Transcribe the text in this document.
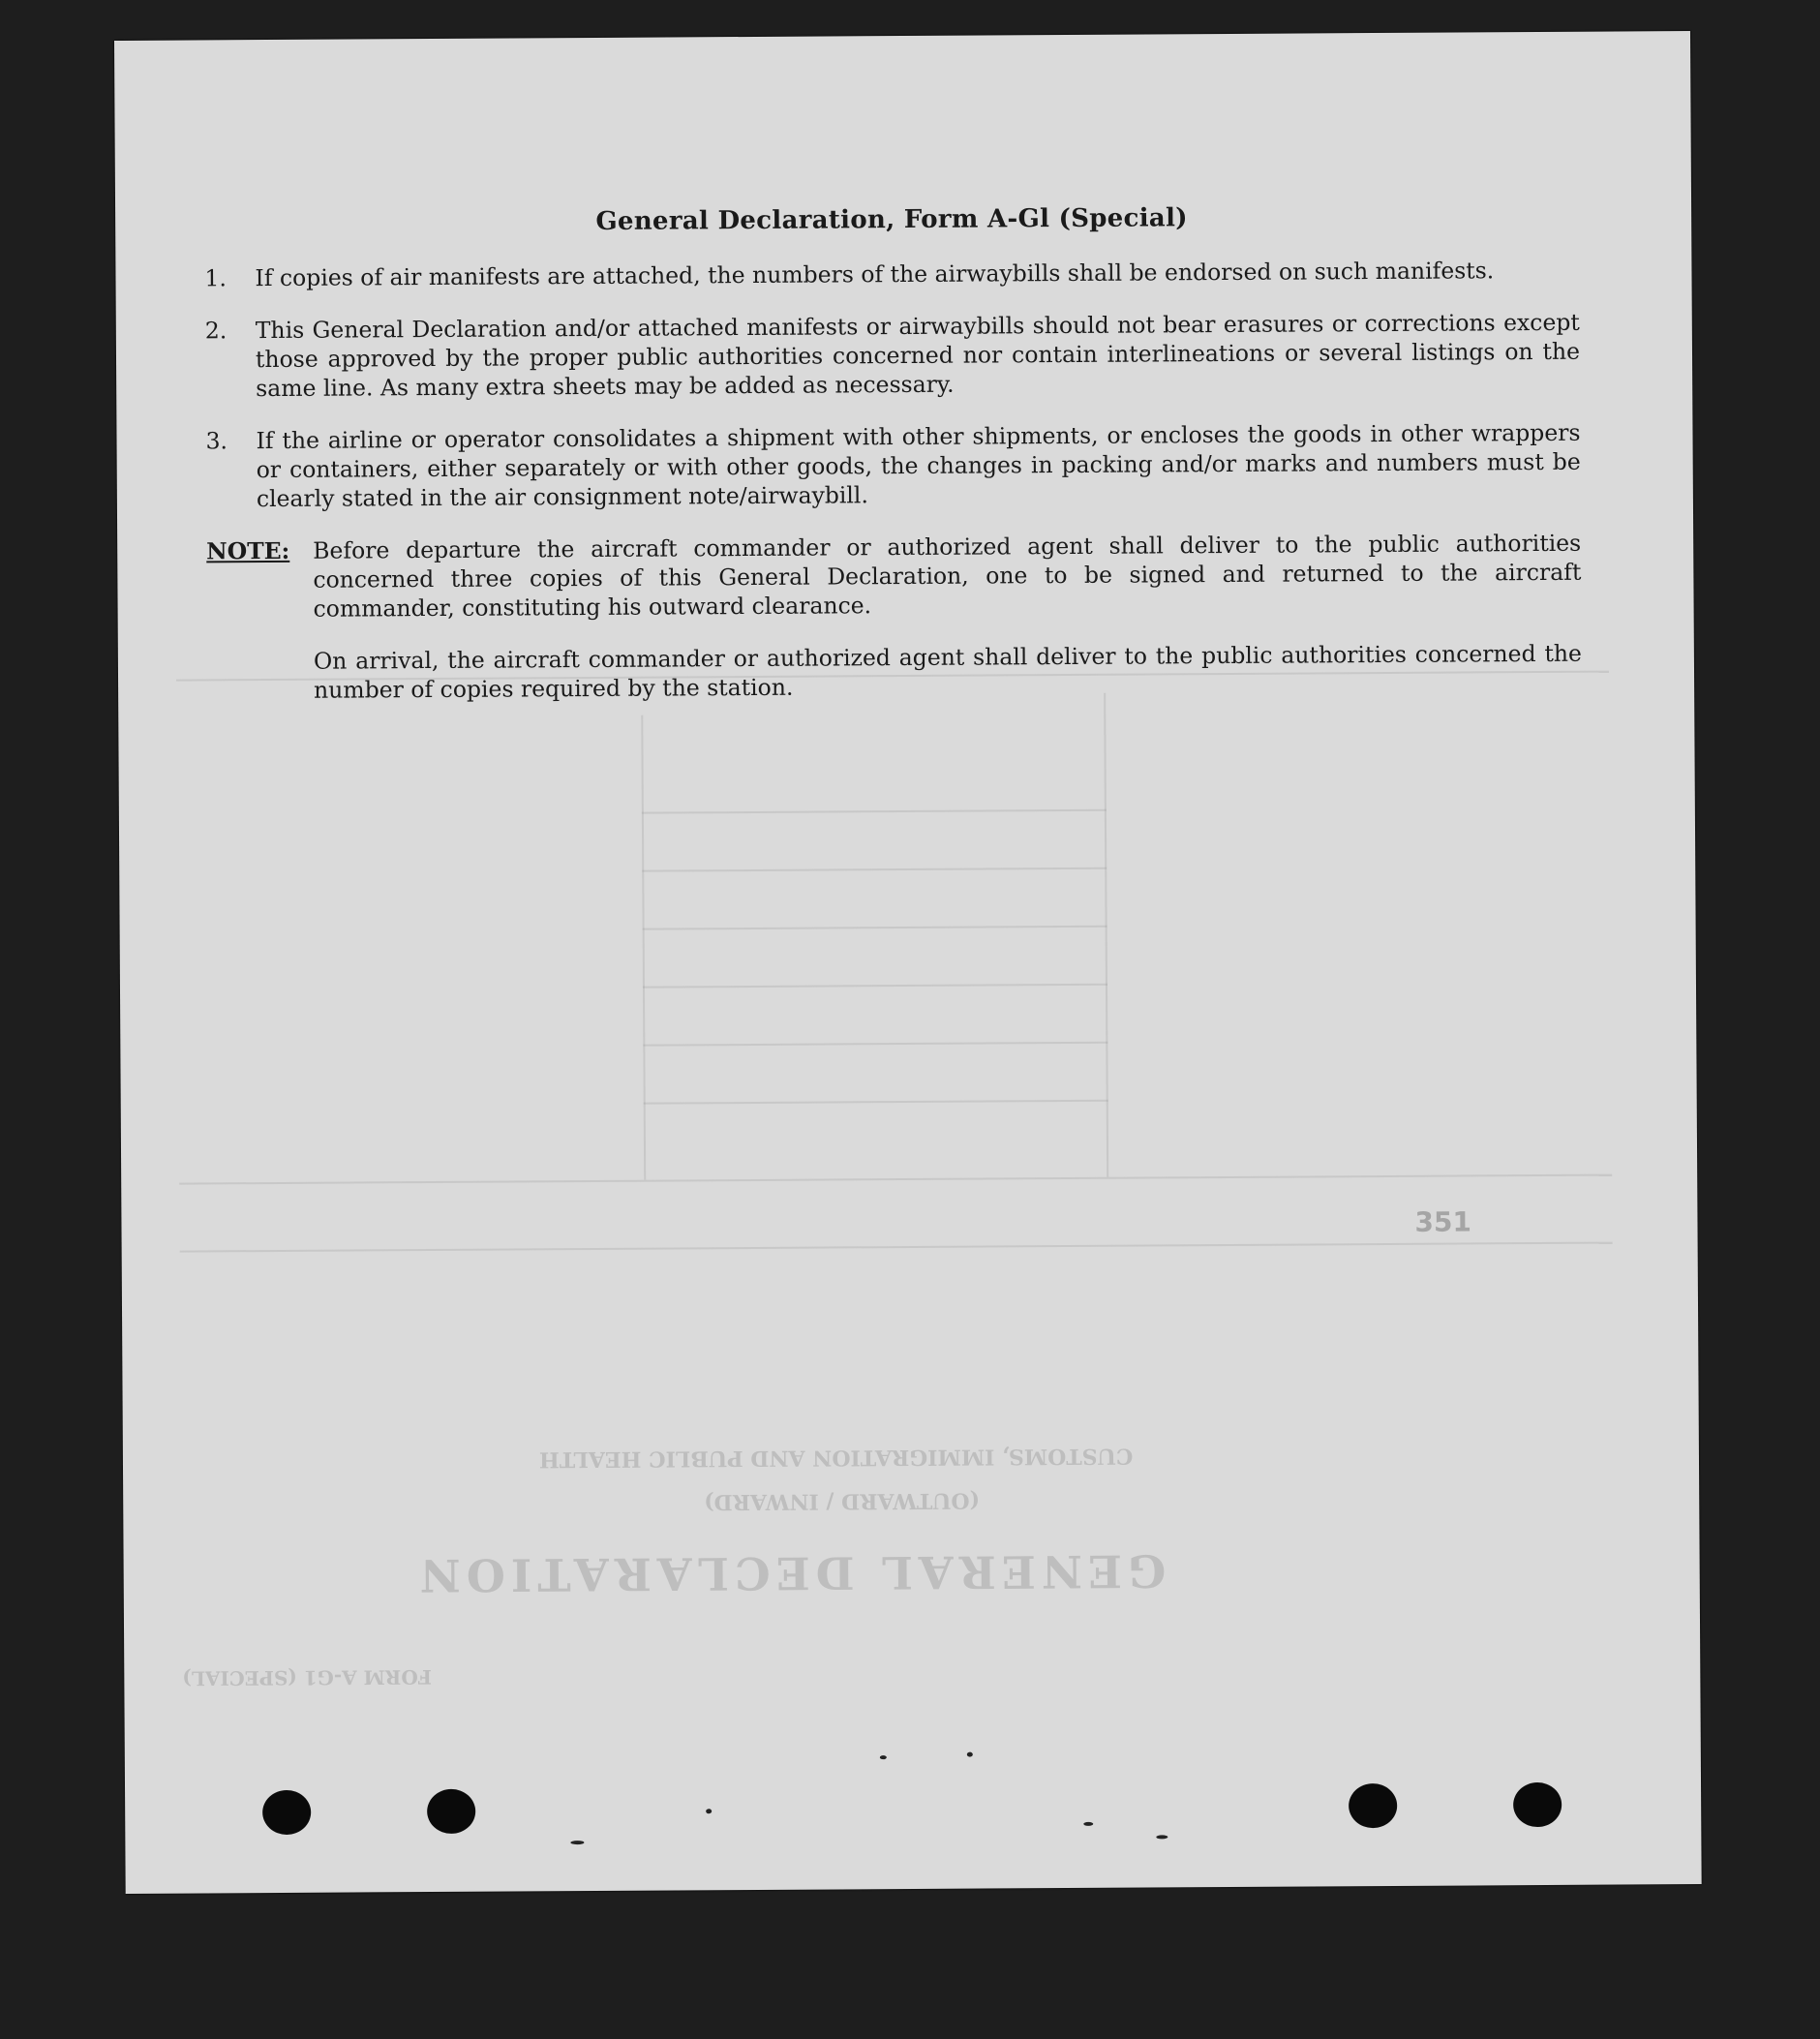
GENERAL DECLARATION
(OUTWARD / INWARD)
CUSTOMS, IMMIGRATION AND PUBLIC HEALTH
FORM A-G1 (SPECIAL)
General Declaration, Form A-Gl (Special)
1.	If copies of air manifests are attached, the numbers of the airwaybills shall be endorsed on such manifests.
2.	This General Declaration and/or attached manifests or airwaybills should not bear erasures or corrections except those approved by the proper public authorities concerned nor contain interlineations or several listings on the same line. As many extra sheets may be added as necessary.
3.	If the airline or operator consolidates a shipment with other shipments, or encloses the goods in other wrappers or containers, either separately or with other goods, the changes in packing and/or marks and numbers must be clearly stated in the air consignment note/airwaybill.
NOTE:	Before departure the aircraft commander or authorized agent shall deliver to the public authorities concerned three copies of this General Declaration, one to be signed and returned to the aircraft commander, constituting his outward clearance.

On arrival, the aircraft commander or authorized agent shall deliver to the public authorities concerned the number of copies required by the station.

351
